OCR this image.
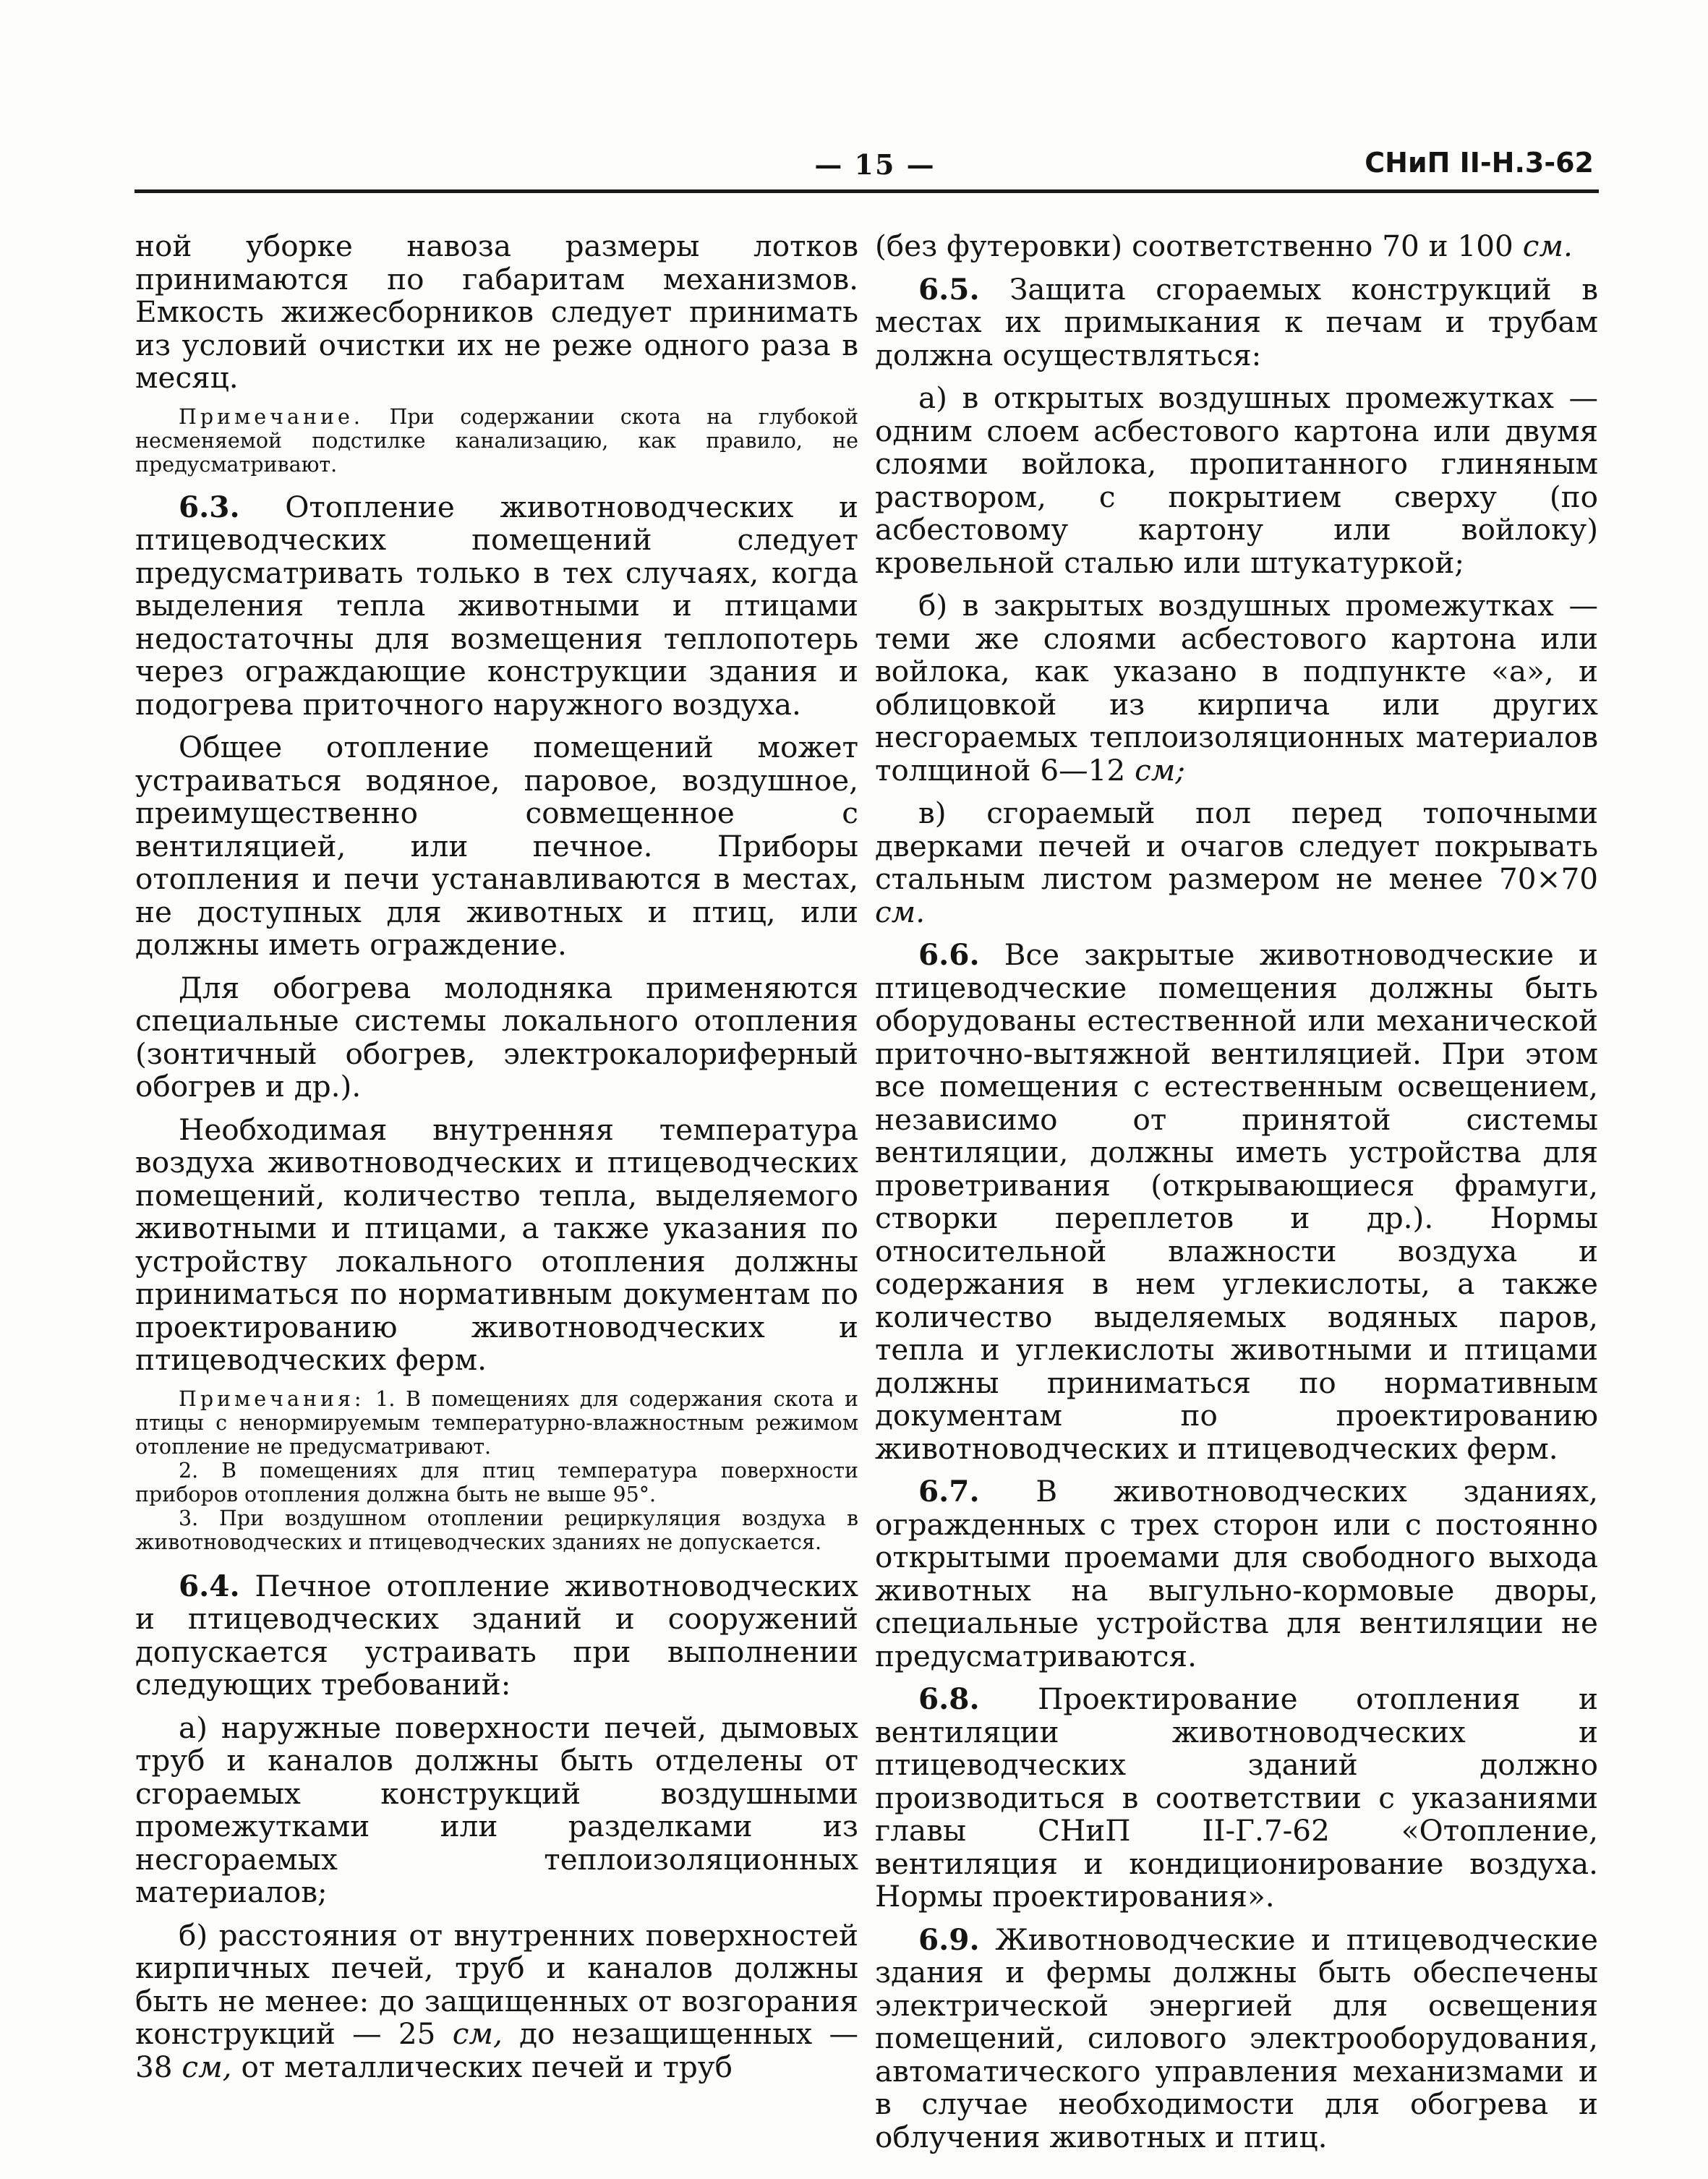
— 15 —	СНиП II-Н.3-62

ной уборке навоза размеры лотков принимаются по габаритам механизмов. Емкость жижесборников следует принимать из условий очистки их не реже одного раза в месяц.

Примечание. При содержании скота на глубокой несменяемой подстилке канализацию, как правило, не предусматривают.

6.3. Отопление животноводческих и птицеводческих помещений следует предусматривать только в тех случаях, когда выделения тепла животными и птицами недостаточны для возмещения теплопотерь через ограждающие конструкции здания и подогрева приточного наружного воздуха.

Общее отопление помещений может устраиваться водяное, паровое, воздушное, преимущественно совмещенное с вентиляцией, или печное. Приборы отопления и печи устанавливаются в местах, не доступных для животных и птиц, или должны иметь ограждение.

Для обогрева молодняка применяются специальные системы локального отопления (зонтичный обогрев, электрокалориферный обогрев и др.).

Необходимая внутренняя температура воздуха животноводческих и птицеводческих помещений, количество тепла, выделяемого животными и птицами, а также указания по устройству локального отопления должны приниматься по нормативным документам по проектированию животноводческих и птицеводческих ферм.

Примечания: 1. В помещениях для содержания скота и птицы с ненормируемым температурно-влажностным режимом отопление не предусматривают.

2. В помещениях для птиц температура поверхности приборов отопления должна быть не выше 95°.

3. При воздушном отоплении рециркуляция воздуха в животноводческих и птицеводческих зданиях не допускается.

6.4. Печное отопление животноводческих и птицеводческих зданий и сооружений допускается устраивать при выполнении следующих требований:

а) наружные поверхности печей, дымовых труб и каналов должны быть отделены от сгораемых конструкций воздушными промежутками или разделками из несгораемых теплоизоляционных материалов;

б) расстояния от внутренних поверхностей кирпичных печей, труб и каналов должны быть не менее: до защищенных от возгорания конструкций — 25 см, до незащищенных — 38 см, от металлических печей и труб

(без футеровки) соответственно 70 и 100 см.

6.5. Защита сгораемых конструкций в местах их примыкания к печам и трубам должна осуществляться:

а) в открытых воздушных промежутках — одним слоем асбестового картона или двумя слоями войлока, пропитанного глиняным раствором, с покрытием сверху (по асбестовому картону или войлоку) кровельной сталью или штукатуркой;

б) в закрытых воздушных промежутках — теми же слоями асбестового картона или войлока, как указано в подпункте «а», и облицовкой из кирпича или других несгораемых теплоизоляционных материалов толщиной 6—12 см;

в) сгораемый пол перед топочными дверками печей и очагов следует покрывать стальным листом размером не менее 70×70 см.

6.6. Все закрытые животноводческие и птицеводческие помещения должны быть оборудованы естественной или механической приточно-вытяжной вентиляцией. При этом все помещения с естественным освещением, независимо от принятой системы вентиляции, должны иметь устройства для проветривания (открывающиеся фрамуги, створки переплетов и др.). Нормы относительной влажности воздуха и содержания в нем углекислоты, а также количество выделяемых водяных паров, тепла и углекислоты животными и птицами должны приниматься по нормативным документам по проектированию животноводческих и птицеводческих ферм.

6.7. В животноводческих зданиях, огражденных с трех сторон или с постоянно открытыми проемами для свободного выхода животных на выгульно-кормовые дворы, специальные устройства для вентиляции не предусматриваются.

6.8. Проектирование отопления и вентиляции животноводческих и птицеводческих зданий должно производиться в соответствии с указаниями главы СНиП II-Г.7-62 «Отопление, вентиляция и кондиционирование воздуха. Нормы проектирования».

6.9. Животноводческие и птицеводческие здания и фермы должны быть обеспечены электрической энергией для освещения помещений, силового электрооборудования, автоматического управления механизмами и в случае необходимости для обогрева и облучения животных и птиц.
